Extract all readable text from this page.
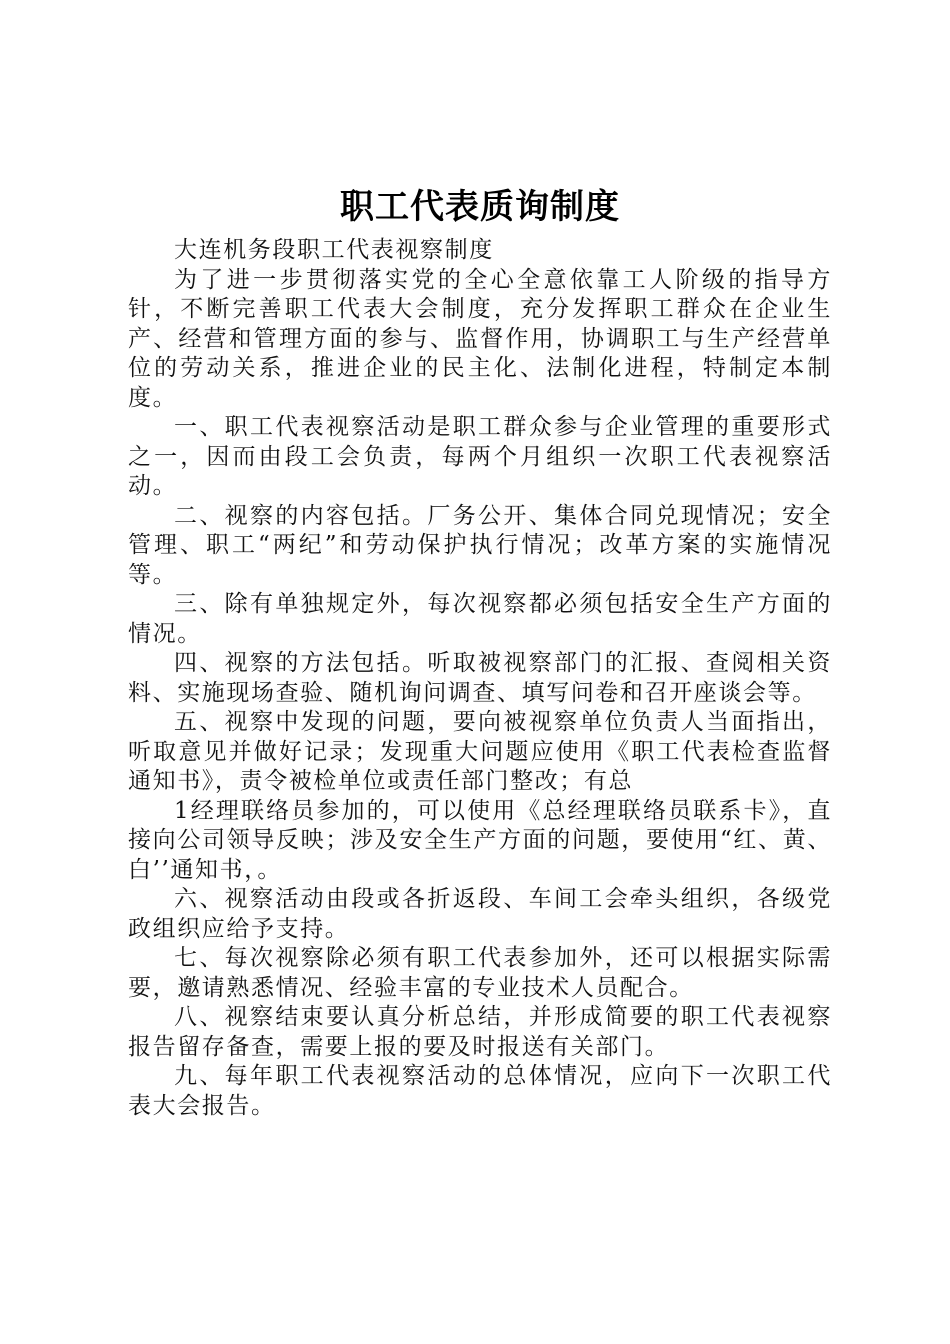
职工代表质询制度

大连机务段职工代表视察制度

为了进一步贯彻落实党的全心全意依靠工人阶级的指导方针，不断完善职工代表大会制度，充分发挥职工群众在企业生产、经营和管理方面的参与、监督作用，协调职工与生产经营单位的劳动关系，推进企业的民主化、法制化进程，特制定本制度。

一、职工代表视察活动是职工群众参与企业管理的重要形式之一，因而由段工会负责，每两个月组织一次职工代表视察活动。

二、视察的内容包括。厂务公开、集体合同兑现情况；安全管理、职工“两纪”和劳动保护执行情况；改革方案的实施情况等。

三、除有单独规定外，每次视察都必须包括安全生产方面的情况。

四、视察的方法包括。听取被视察部门的汇报、查阅相关资料、实施现场查验、随机询问调查、填写问卷和召开座谈会等。

五、视察中发现的问题，要向被视察单位负责人当面指出，听取意见并做好记录；发现重大问题应使用《职工代表检查监督通知书》，责令被检单位或责任部门整改；有总

1经理联络员参加的，可以使用《总经理联络员联系卡》，直接向公司领导反映；涉及安全生产方面的问题，要使用“红、黄、白’’通知书，。

六、视察活动由段或各折返段、车间工会牵头组织，各级党政组织应给予支持。

七、每次视察除必须有职工代表参加外，还可以根据实际需要，邀请熟悉情况、经验丰富的专业技术人员配合。

八、视察结束要认真分析总结，并形成简要的职工代表视察报告留存备查，需要上报的要及时报送有关部门。

九、每年职工代表视察活动的总体情况，应向下一次职工代表大会报告。
